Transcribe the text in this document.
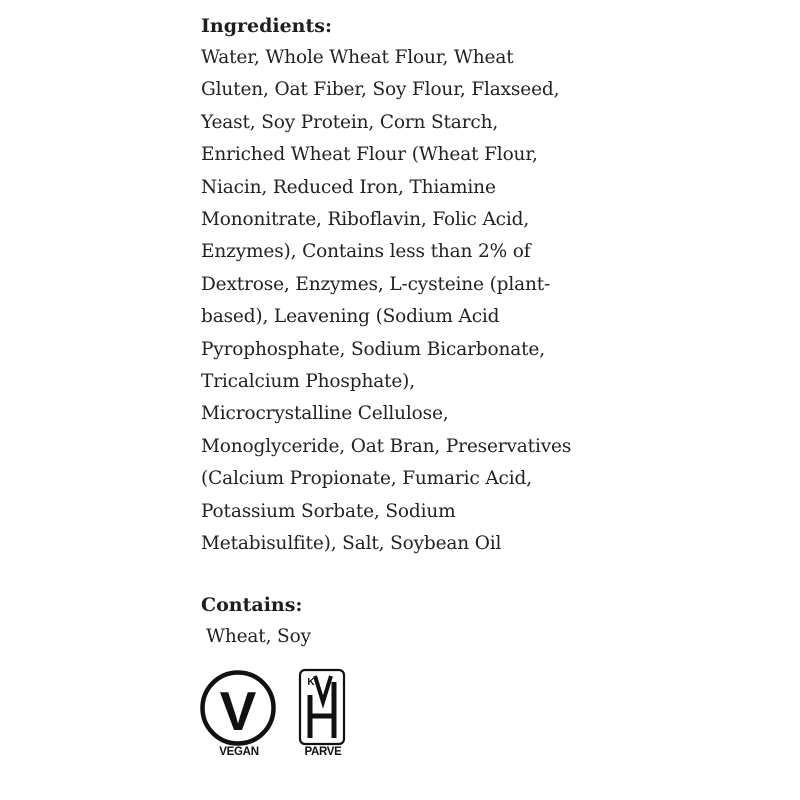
Ingredients:
Water, Whole Wheat Flour, Wheat
Gluten, Oat Fiber, Soy Flour, Flaxseed,
Yeast, Soy Protein, Corn Starch,
Enriched Wheat Flour (Wheat Flour,
Niacin, Reduced Iron, Thiamine
Mononitrate, Riboflavin, Folic Acid,
Enzymes), Contains less than 2% of
Dextrose, Enzymes, L-cysteine (plant-
based), Leavening (Sodium Acid
Pyrophosphate, Sodium Bicarbonate,
Tricalcium Phosphate),
Microcrystalline Cellulose,
Monoglyceride, Oat Bran, Preservatives
(Calcium Propionate, Fumaric Acid,
Potassium Sorbate, Sodium
Metabisulfite), Salt, Soybean Oil
Contains:
Wheat, Soy
V
VEGAN
K
PARVE
